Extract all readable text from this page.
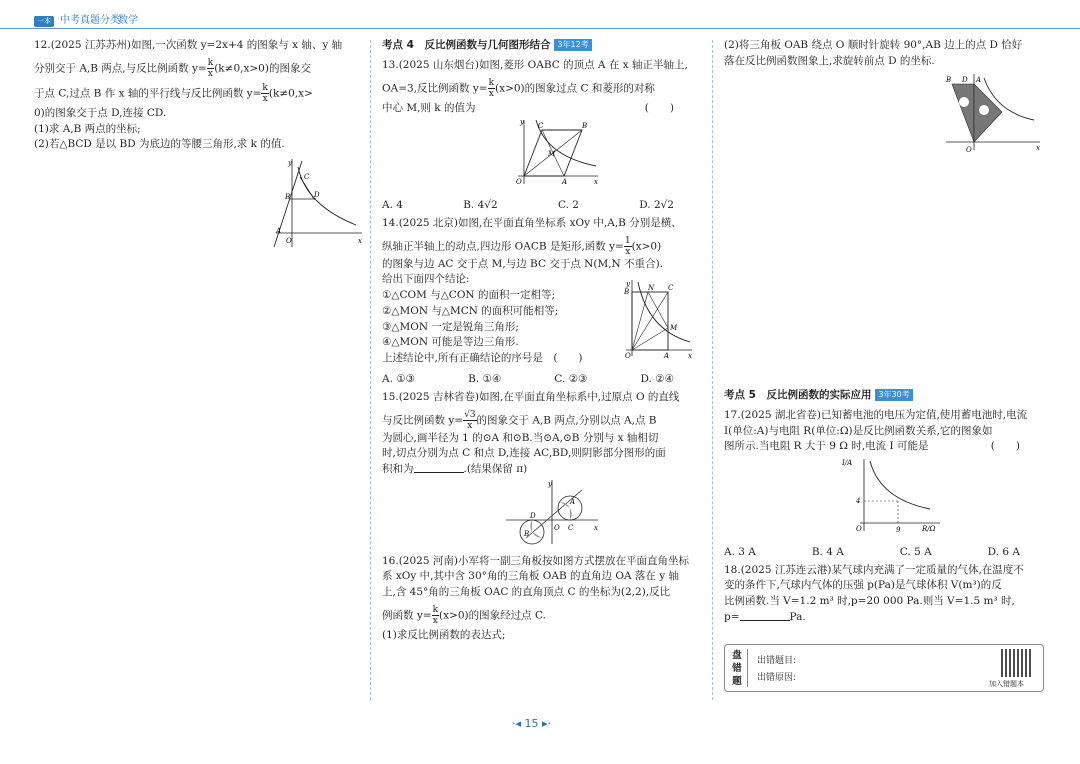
一本 中考真题分类
数学

12.(2025 江苏苏州)如图,一次函数 y=2x+4 的图象与 x 轴、y 轴

分别交于 A,B 两点,与反比例函数 $y= \frac{k}{x} (k\ne 0,x>0)$的图象交

于点 C,过点 B 作 x 轴的平行线与反比例函数 $y= \frac{k}{x} (k\ne 0,x>$

0)的图象交于点 D,连接 CD.

(1)求 A,B 两点的坐标;

(2)若△BCD 是以 BD 为底边的等腰三角形,求 k 的值.

y
x
O
A
B
C
D
考点 4　反比例函数与几何图形结合 3年12考

13.(2025 山东烟台)如图,菱形 OABC 的顶点 A 在 x 轴正半轴上,

OA=3,反比例函数 $y= \frac{k}{x} (x>0)$的图象过点 C 和菱形的对称

中心 M,则 k 的值为	(　　)

y
x
O	A
B
C
M
A. 4	B. 4√2	C. 2	D. 2√2

14.(2025 北京)如图,在平面直角坐标系 xOy 中,A,B 分别是横、

纵轴正半轴上的动点,四边形 OACB 是矩形,函数 $y= \frac{1}{x} (x>0)$

的图象与边 AC 交于点 M,与边 BC 交于点 N(M,N 不重合).

给出下面四个结论:

①△COM 与△CON 的面积一定相等;

②△MON 与△MCN 的面积可能相等;

③△MON 一定是锐角三角形;

④△MON 可能是等边三角形.

上述结论中,所有正确结论的序号是　(　　)

y
x
O	A
B	C
M
N
A. ①③	B. ①④	C. ②③	D. ②④

15.(2025 吉林省卷)如图,在平面直角坐标系中,过原点 O 的直线

与反比例函数 $y= \frac{√3}{x}$ 的图象交于 A,B 两点,分别以点 A,点 B

为圆心,画半径为 1 的⊙A 和⊙B.当⊙A,⊙B 分别与 x 轴相切

时,切点分别为点 C 和点 D,连接 AC,BD,则阴影部分图形的面

积和为	.(结果保留 π)

y
x
O
A
B
C
D

16.(2025 河南)小军将一副三角板按如图方式摆放在平面直角坐标

系 xOy 中,其中含 30°角的三角板 OAB 的直角边 OA 落在 y 轴

上,含 45°角的三角板 OAC 的直角顶点 C 的坐标为(2,2),反比

例函数 $y= \frac{k}{x} (x>0)$的图象经过点 C.

(1)求反比例函数的表达式;

(2)将三角板 OAB 绕点 O 顺时针旋转 90°,AB 边上的点 D 恰好

落在反比例函数图象上,求旋转前点 D 的坐标.

B D A
O	x
考点 5　反比例函数的实际应用 3年30考

17.(2025 湖北省卷)已知蓄电池的电压为定值,使用蓄电池时,电流

I(单位:A)与电阻 R(单位:Ω)是反比例函数关系,它的图象如

图所示.当电阻 R 大于 9 Ω 时,电流 I 可能是	(　　)

I/A
R/Ω
4
9
O
A. 3 A	B. 4 A	C. 5 A	D. 6 A

18.(2025 江苏连云港)某气球内充满了一定质量的气体,在温度不

变的条件下,气球内气体的压强 p(Pa)是气球体积 V(m³)的反

比例函数.当 V=1.2 m³ 时,p=20 000 Pa.则当 V=1.5 m³ 时,

p=	Pa.

盘错题
出错题目:
出错原因:
加入错题本
·◂ 15 ▸·
